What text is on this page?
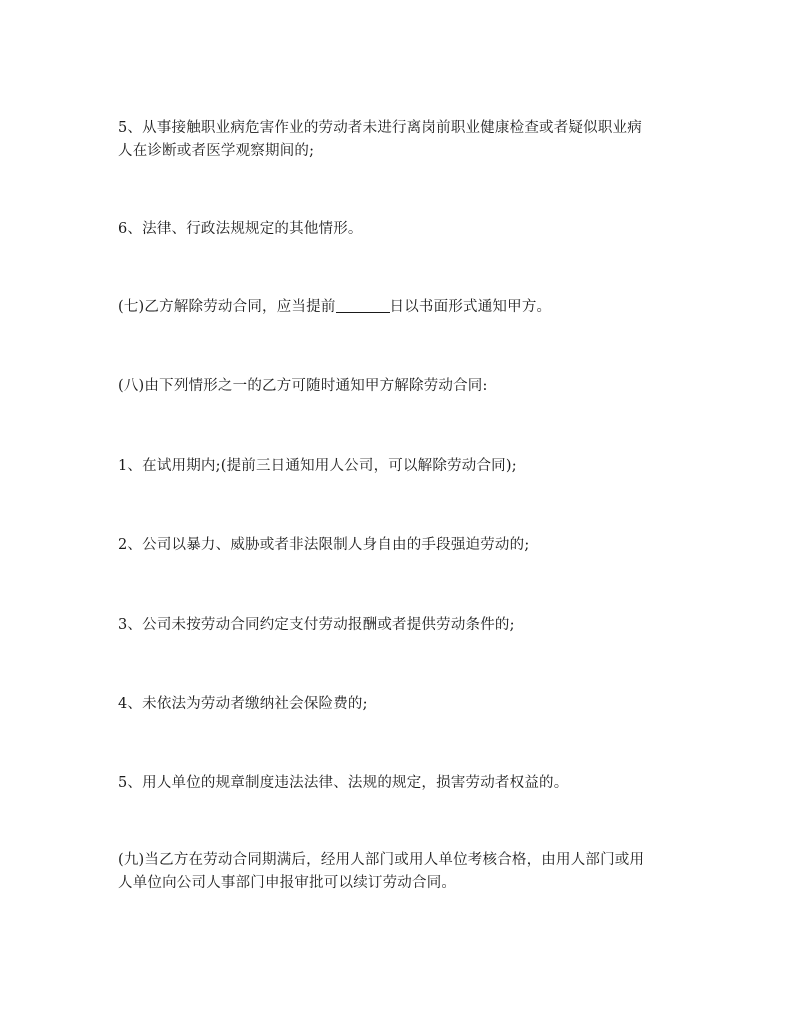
5、从事接触职业病危害作业的劳动者未进行离岗前职业健康检查或者疑似职业病
人在诊断或者医学观察期间的;
6、法律、行政法规规定的其他情形。
(七)乙方解除劳动合同，应当提前	日以书面形式通知甲方。
(八)由下列情形之一的乙方可随时通知甲方解除劳动合同:
1、在试用期内;(提前三日通知用人公司，可以解除劳动合同);
2、公司以暴力、威胁或者非法限制人身自由的手段强迫劳动的;
3、公司未按劳动合同约定支付劳动报酬或者提供劳动条件的;
4、未依法为劳动者缴纳社会保险费的;
5、用人单位的规章制度违法法律、法规的规定，损害劳动者权益的。
(九)当乙方在劳动合同期满后，经用人部门或用人单位考核合格，由用人部门或用
人单位向公司人事部门申报审批可以续订劳动合同。
